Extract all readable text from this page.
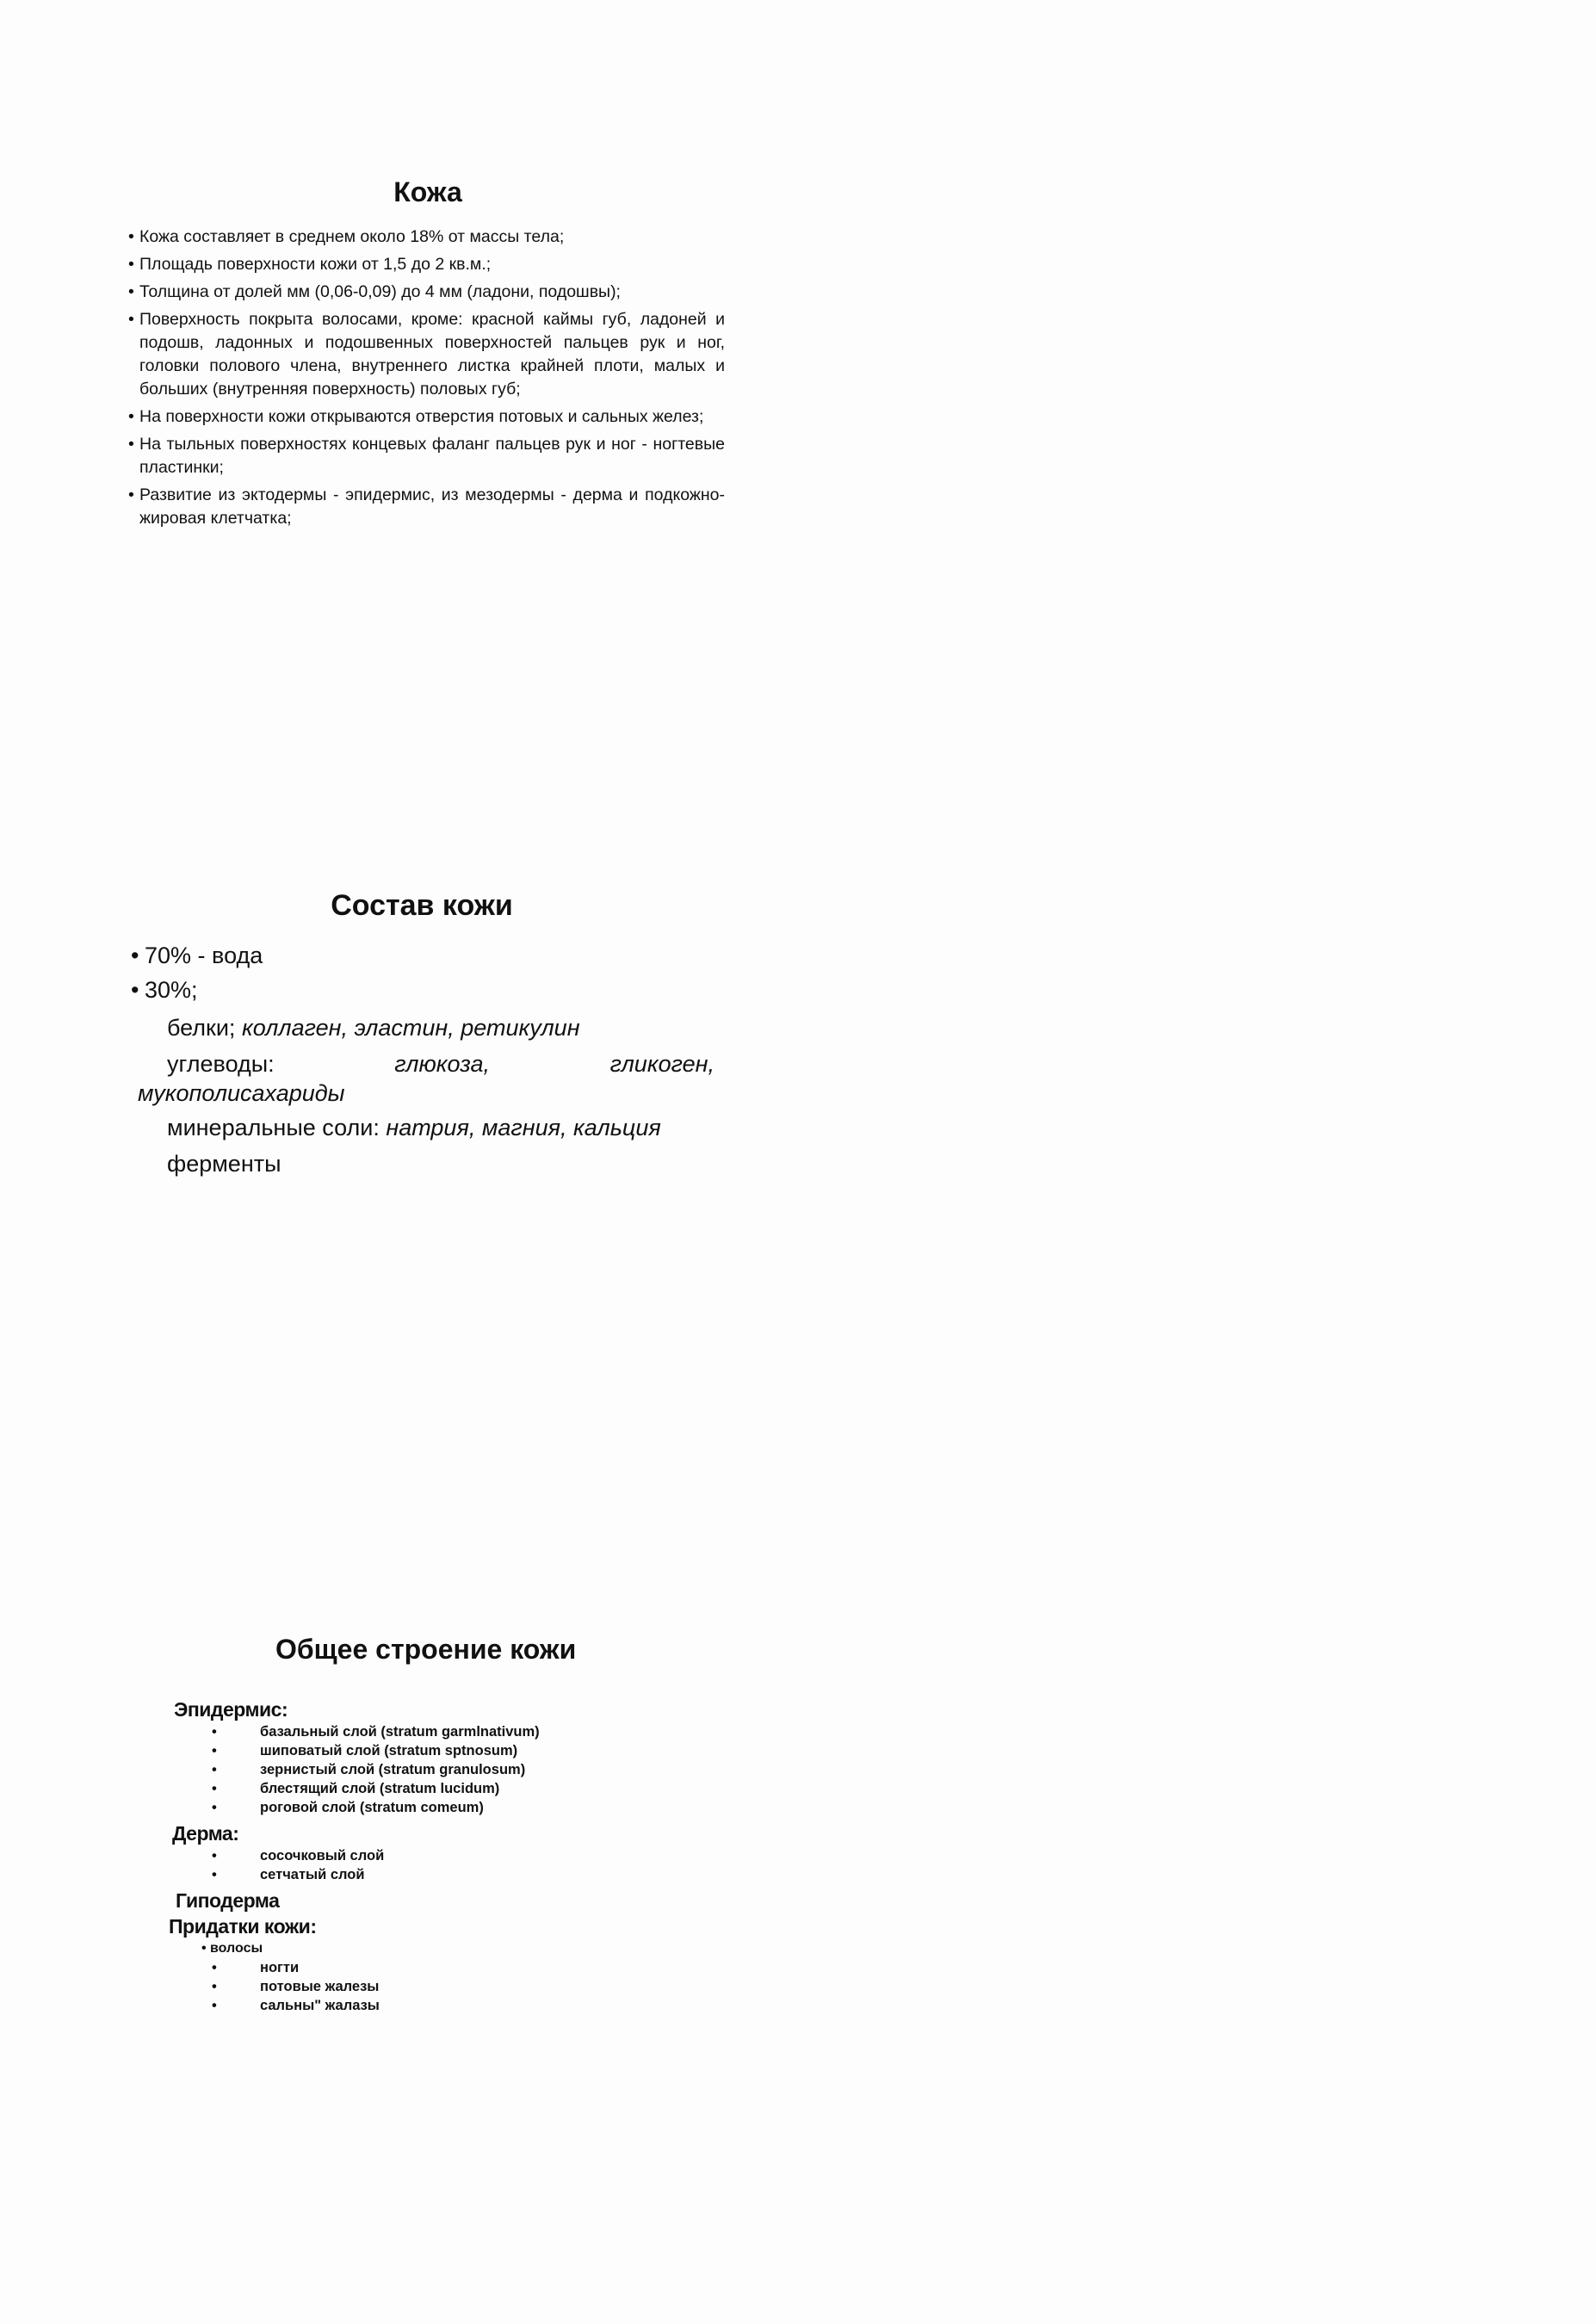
Кожа
• Кожа составляет в среднем около 18% от массы тела;
• Площадь поверхности кожи от 1,5 до 2 кв.м.;
• Толщина от долей мм (0,06-0,09) до 4 мм (ладони, подошвы);
• Поверхность покрыта волосами, кроме: красной каймы губ, ладоней и подошв, ладонных и подошвенных поверхностей пальцев рук и ног, головки полового члена, внутреннего листка крайней плоти, малых и больших (внутренняя поверхность) половых губ;
• На поверхности кожи открываются отверстия потовых и сальных желез;
• На тыльных поверхностях концевых фаланг пальцев рук и ног - ногтевые пластинки;
• Развитие из эктодермы - эпидермис, из мезодермы - дерма и подкожно-жировая клетчатка;
Состав кожи
• 70% - вода
• 30%;
белки; коллаген, эластин, ретикулин
углеводы:	глюкоза,	гликоген,
мукополисахариды
минеральные соли: натрия, магния, кальция
ферменты
Общее строение кожи
Эпидермис:
• базальный слой (stratum garmlnativum)
• шиповатый слой (stratum sptnosum)
• зернистый слой (stratum granulosum)
• блестящий слой (stratum lucidum)
• роговой слой (stratum comeum)
Дерма:
• сосочковый слой
• сетчатый слой
Гиподерма
Придатки кожи:
• волосы
• ногти
• потовые жалезы
• сальны" жалазы
